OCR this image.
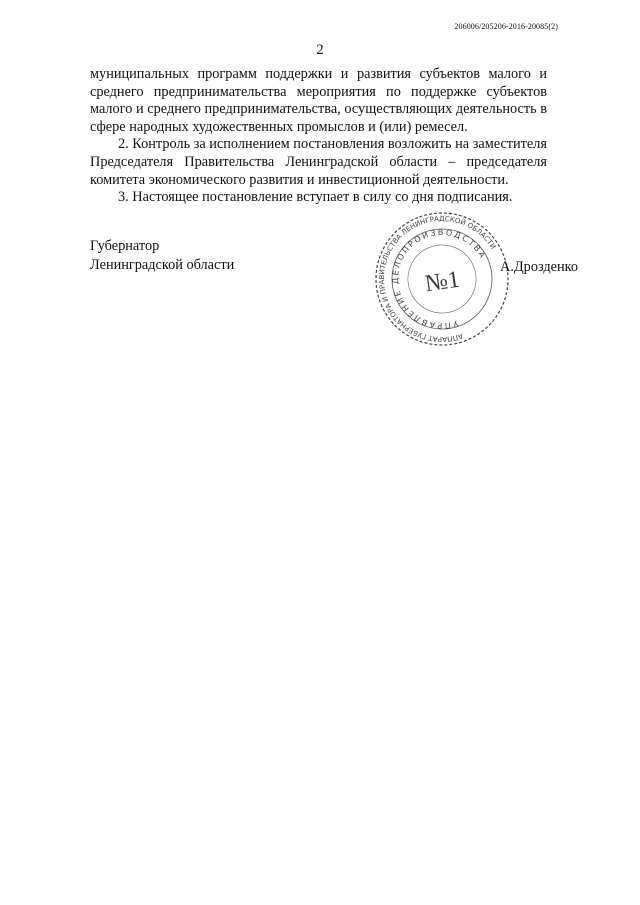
206006/205206-2016-20085(2)
2

муниципальных программ поддержки и развития субъектов малого и среднего предпринимательства мероприятия по поддержке субъектов малого и среднего предпринимательства, осуществляющих деятельность в сфере народных художественных промыслов и (или) ремесел.

2. Контроль за исполнением постановления возложить на заместителя Председателя Правительства Ленинградской области – председателя комитета экономического развития и инвестиционной деятельности.

3. Настоящее постановление вступает в силу со дня подписания.

Губернатор
Ленинградской области
АППАРАТ ГУБЕРНАТОРА И ПРАВИТЕЛЬСТВА ЛЕНИНГРАДСКОЙ ОБЛАСТИ
УПРАВЛЕНИЕ ДЕЛОПРОИЗВОДСТВА
№1	А.Дрозденко
